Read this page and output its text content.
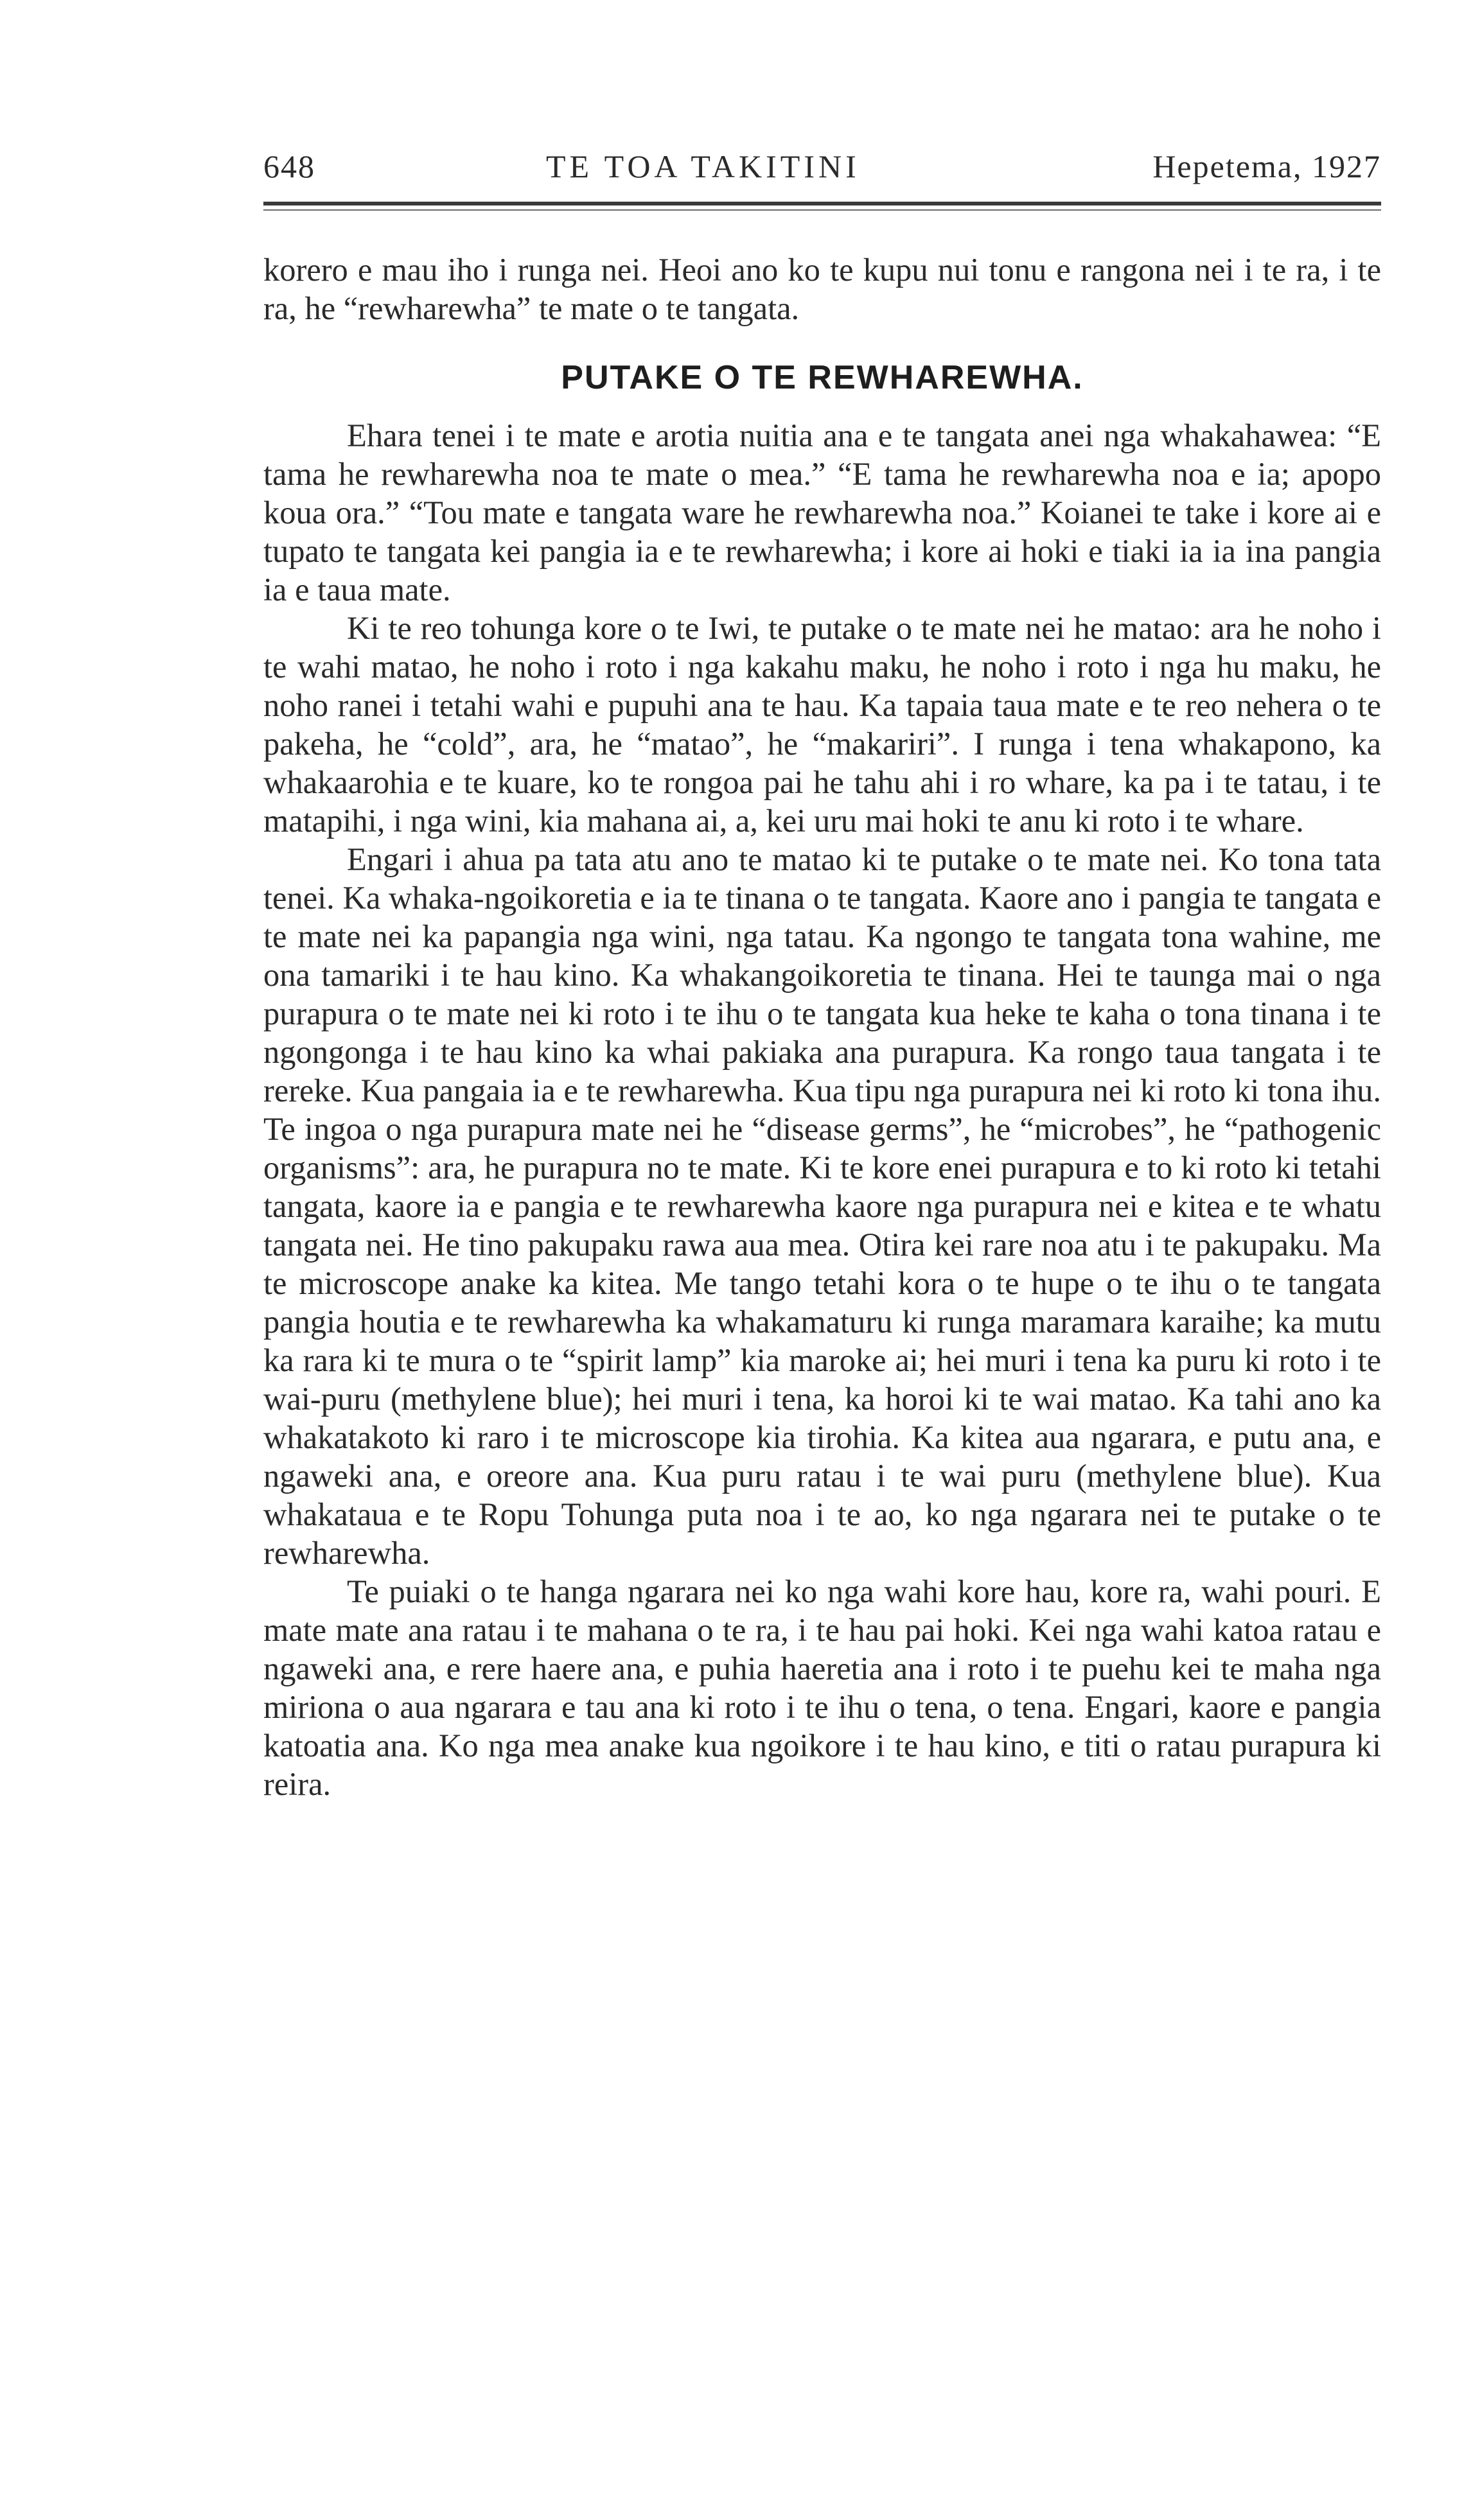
648	TE TOA TAKITINI	Hepetema, 1927

korero e mau iho i runga nei. Heoi ano ko te kupu nui tonu e rangona nei i te ra, i te ra, he “rewharewha” te mate o te tangata.

PUTAKE O TE REWHAREWHA.

Ehara tenei i te mate e arotia nuitia ana e te tangata anei nga whakahawea: “E tama he rewharewha noa te mate o mea.” “E tama he rewharewha noa e ia; apopo koua ora.” “Tou mate e tangata ware he rewharewha noa.” Koianei te take i kore ai e tupato te tangata kei pangia ia e te rewharewha; i kore ai hoki e tiaki ia ia ina pangia ia e taua mate.

Ki te reo tohunga kore o te Iwi, te putake o te mate nei he matao: ara he noho i te wahi matao, he noho i roto i nga kakahu maku, he noho i roto i nga hu maku, he noho ranei i tetahi wahi e pupuhi ana te hau. Ka tapaia taua mate e te reo nehera o te pakeha, he “cold”, ara, he “matao”, he “makariri”. I runga i tena whakapono, ka whakaarohia e te kuare, ko te rongoa pai he tahu ahi i ro whare, ka pa i te tatau, i te matapihi, i nga wini, kia mahana ai, a, kei uru mai hoki te anu ki roto i te whare.

Engari i ahua pa tata atu ano te matao ki te putake o te mate nei. Ko tona tata tenei. Ka whaka-ngoikoretia e ia te tinana o te tangata. Kaore ano i pangia te tangata e te mate nei ka papangia nga wini, nga tatau. Ka ngongo te tangata tona wahine, me ona tamariki i te hau kino. Ka whakangoikoretia te tinana. Hei te taunga mai o nga purapura o te mate nei ki roto i te ihu o te tangata kua heke te kaha o tona tinana i te ngongonga i te hau kino ka whai pakiaka ana purapura. Ka rongo taua tangata i te rereke. Kua pangaia ia e te rewharewha. Kua tipu nga purapura nei ki roto ki tona ihu. Te ingoa o nga purapura mate nei he “disease germs”, he “microbes”, he “pathogenic organisms”: ara, he purapura no te mate. Ki te kore enei purapura e to ki roto ki tetahi tangata, kaore ia e pangia e te rewharewha kaore nga purapura nei e kitea e te whatu tangata nei. He tino pakupaku rawa aua mea. Otira kei rare noa atu i te pakupaku. Ma te microscope anake ka kitea. Me tango tetahi kora o te hupe o te ihu o te tangata pangia houtia e te rewharewha ka whakamaturu ki runga maramara karaihe; ka mutu ka rara ki te mura o te “spirit lamp” kia maroke ai; hei muri i tena ka puru ki roto i te wai-puru (methylene blue); hei muri i tena, ka horoi ki te wai matao. Ka tahi ano ka whakatakoto ki raro i te microscope kia tirohia. Ka kitea aua ngarara, e putu ana, e ngaweki ana, e oreore ana. Kua puru ratau i te wai puru (methylene blue). Kua whakataua e te Ropu Tohunga puta noa i te ao, ko nga ngarara nei te putake o te rewharewha.

Te puiaki o te hanga ngarara nei ko nga wahi kore hau, kore ra, wahi pouri. E mate mate ana ratau i te mahana o te ra, i te hau pai hoki. Kei nga wahi katoa ratau e ngaweki ana, e rere haere ana, e puhia haeretia ana i roto i te puehu kei te maha nga miriona o aua ngarara e tau ana ki roto i te ihu o tena, o tena. Engari, kaore e pangia katoatia ana. Ko nga mea anake kua ngoikore i te hau kino, e titi o ratau purapura ki reira.
